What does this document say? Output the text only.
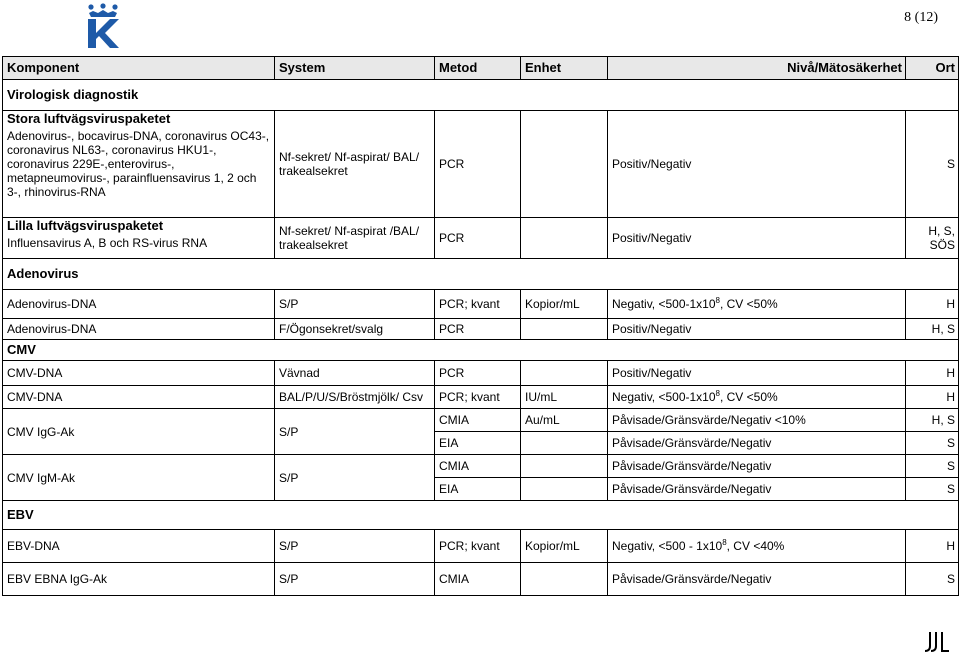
8 (12)
Komponent	System	Metod	Enhet	Nivå/Mätosäkerhet	Ort
Virologisk diagnostik					

Stora luftvägsviruspaketet
Adenovirus-, bocavirus-DNA, coronavirus OC43-, coronavirus NL63-, coronavirus HKU1-, coronavirus 229E-,enterovirus-, metapneumovirus-, parainfluensavirus 1, 2 och 3-, rhinovirus-RNA	Nf-sekret/ Nf-aspirat/ BAL/ trakealsekret	PCR		Positiv/Negativ	S

Lilla luftvägsviruspaketet
Influensavirus A, B och RS-virus RNA	Nf-sekret/ Nf-aspirat /BAL/ trakealsekret	PCR		Positiv/Negativ	H, S, SÖS
Adenovirus					
Adenovirus-DNA	S/P	PCR; kvant	Kopior/mL	Negativ, $<500-1x10^8$, CV <50%	H
Adenovirus-DNA	F/Ögonsekret/svalg	PCR		Positiv/Negativ	H, S
CMV					
CMV-DNA	Vävnad	PCR		Positiv/Negativ	H
CMV-DNA	BAL/P/U/S/Bröstmjölk/ Csv	PCR; kvant	IU/mL	Negativ, $<500-1x10^8$, CV <50%	H
CMV IgG-Ak	S/P	CMIA	Au/mL	Påvisade/Gränsvärde/Negativ <10%	H, S
		EIA		Påvisade/Gränsvärde/Negativ	S
CMV IgM-Ak	S/P	CMIA		Påvisade/Gränsvärde/Negativ	S
		EIA		Påvisade/Gränsvärde/Negativ	S
EBV					
EBV-DNA	S/P	PCR; kvant	Kopior/mL	Negativ, $<500 - 1x10^8$, CV <40%	H
EBV EBNA IgG-Ak	S/P	CMIA		Påvisade/Gränsvärde/Negativ	S
